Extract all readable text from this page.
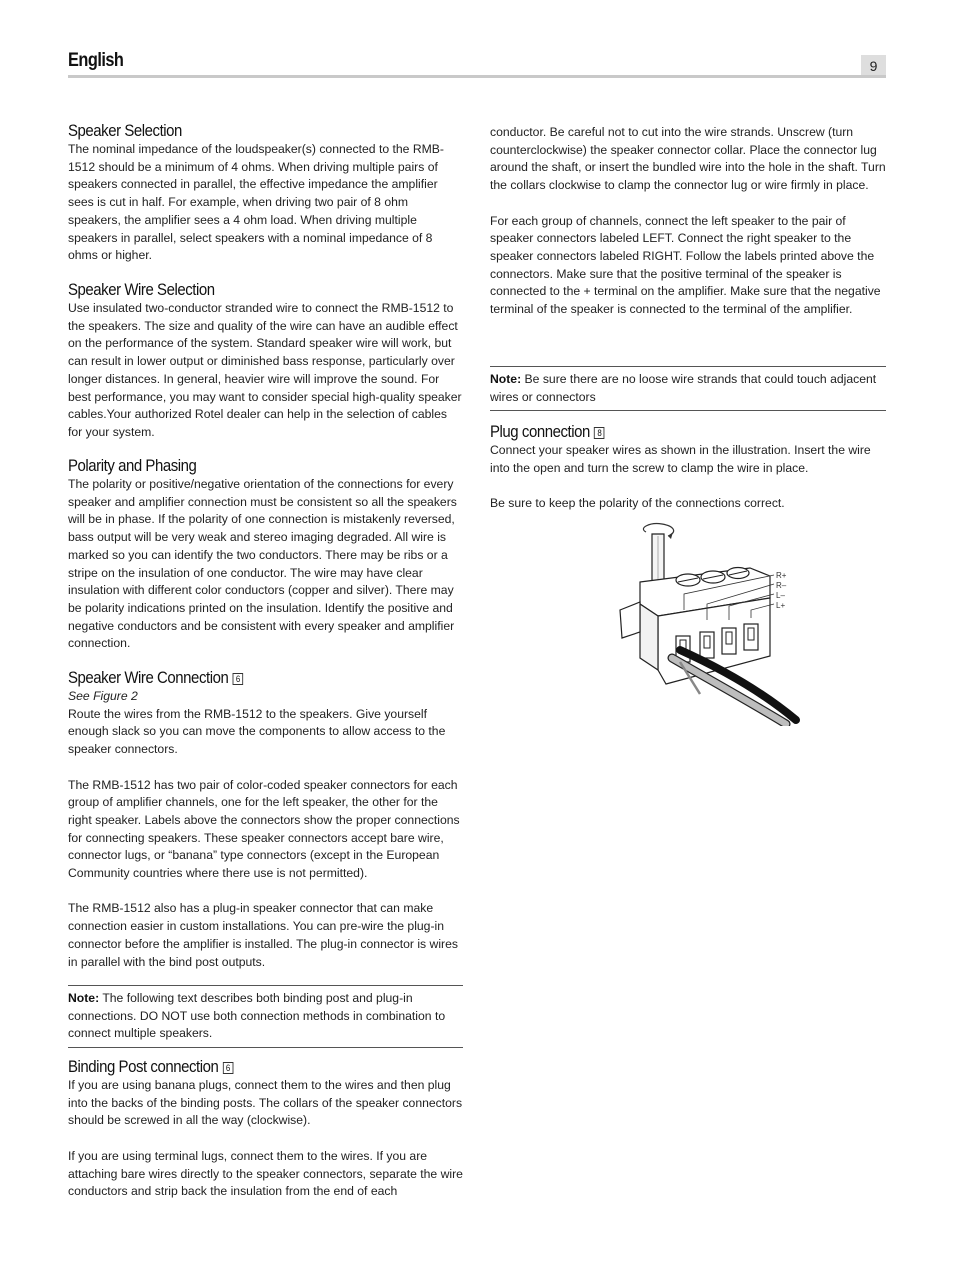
English	9
Speaker Selection

The nominal impedance of the loudspeaker(s) connected to the RMB-1512 should be a minimum of 4 ohms. When driving multiple pairs of speakers connected in parallel, the effective impedance the amplifier sees is cut in half. For example, when driving two pair of 8 ohm speakers, the amplifier sees a 4 ohm load. When driving multiple speakers in parallel, select speakers with a nominal impedance of 8 ohms or higher.

Speaker Wire Selection

Use insulated two-conductor stranded wire to connect the RMB-1512 to the speakers. The size and quality of the wire can have an audible effect on the performance of the system. Standard speaker wire will work, but can result in lower output or diminished bass response, particularly over longer distances. In general, heavier wire will improve the sound. For best performance, you may want to consider special high-quality speaker cables.Your authorized Rotel dealer can help in the selection of cables for your system.

Polarity and Phasing

The polarity or positive/negative orientation of the connections for every speaker and amplifier connection must be consistent so all the speakers will be in phase. If the polarity of one connection is mistakenly reversed, bass output will be very weak and stereo imaging degraded. All wire is marked so you can identify the two conductors. There may be ribs or a stripe on the insulation of one conductor. The wire may have clear insulation with different color conductors (copper and silver). There may be polarity indications printed on the insulation. Identify the positive and negative conductors and be consistent with every speaker and amplifier connection.

Speaker Wire Connection 6

See Figure 2

Route the wires from the RMB-1512 to the speakers. Give yourself enough slack so you can move the components to allow access to the speaker connectors.

The RMB-1512 has two pair of color-coded speaker connectors for each group of amplifier channels, one for the left speaker, the other for the right speaker. Labels above the connectors show the proper connections for connecting speakers. These speaker connectors accept bare wire, connector lugs, or “banana” type connectors (except in the European Community countries where there use is not permitted).

The RMB-1512 also has a plug-in speaker connector that can make connection easier in custom installations. You can pre-wire the plug-in connector before the amplifier is installed. The plug-in connector is wires in parallel with the bind post outputs.

Note: The following text describes both binding post and plug-in connections. DO NOT use both connection methods in combination to connect multiple speakers.

Binding Post connection 6

If you are using banana plugs, connect them to the wires and then plug into the backs of the binding posts. The collars of the speaker connectors should be screwed in all the way (clockwise).

If you are using terminal lugs, connect them to the wires. If you are attaching bare wires directly to the speaker connectors, separate the wire conductors and strip back the insulation from the end of each

conductor. Be careful not to cut into the wire strands. Unscrew (turn counterclockwise) the speaker connector collar. Place the connector lug around the shaft, or insert the bundled wire into the hole in the shaft. Turn the collars clockwise to clamp the connector lug or wire firmly in place.

For each group of channels, connect the left speaker to the pair of speaker connectors labeled LEFT. Connect the right speaker to the speaker connectors labeled RIGHT. Follow the labels printed above the connectors. Make sure that the positive terminal of the speaker is connected to the + terminal on the amplifier. Make sure that the negative terminal of the speaker is connected to the terminal of the amplifier.

Note: Be sure there are no loose wire strands that could touch adjacent wires or connectors

Plug connection 8

Connect your speaker wires as shown in the illustration. Insert the wire into the open and turn the screw to clamp the wire in place.

Be sure to keep the polarity of the connections correct.

R+
R–
L–
L+
